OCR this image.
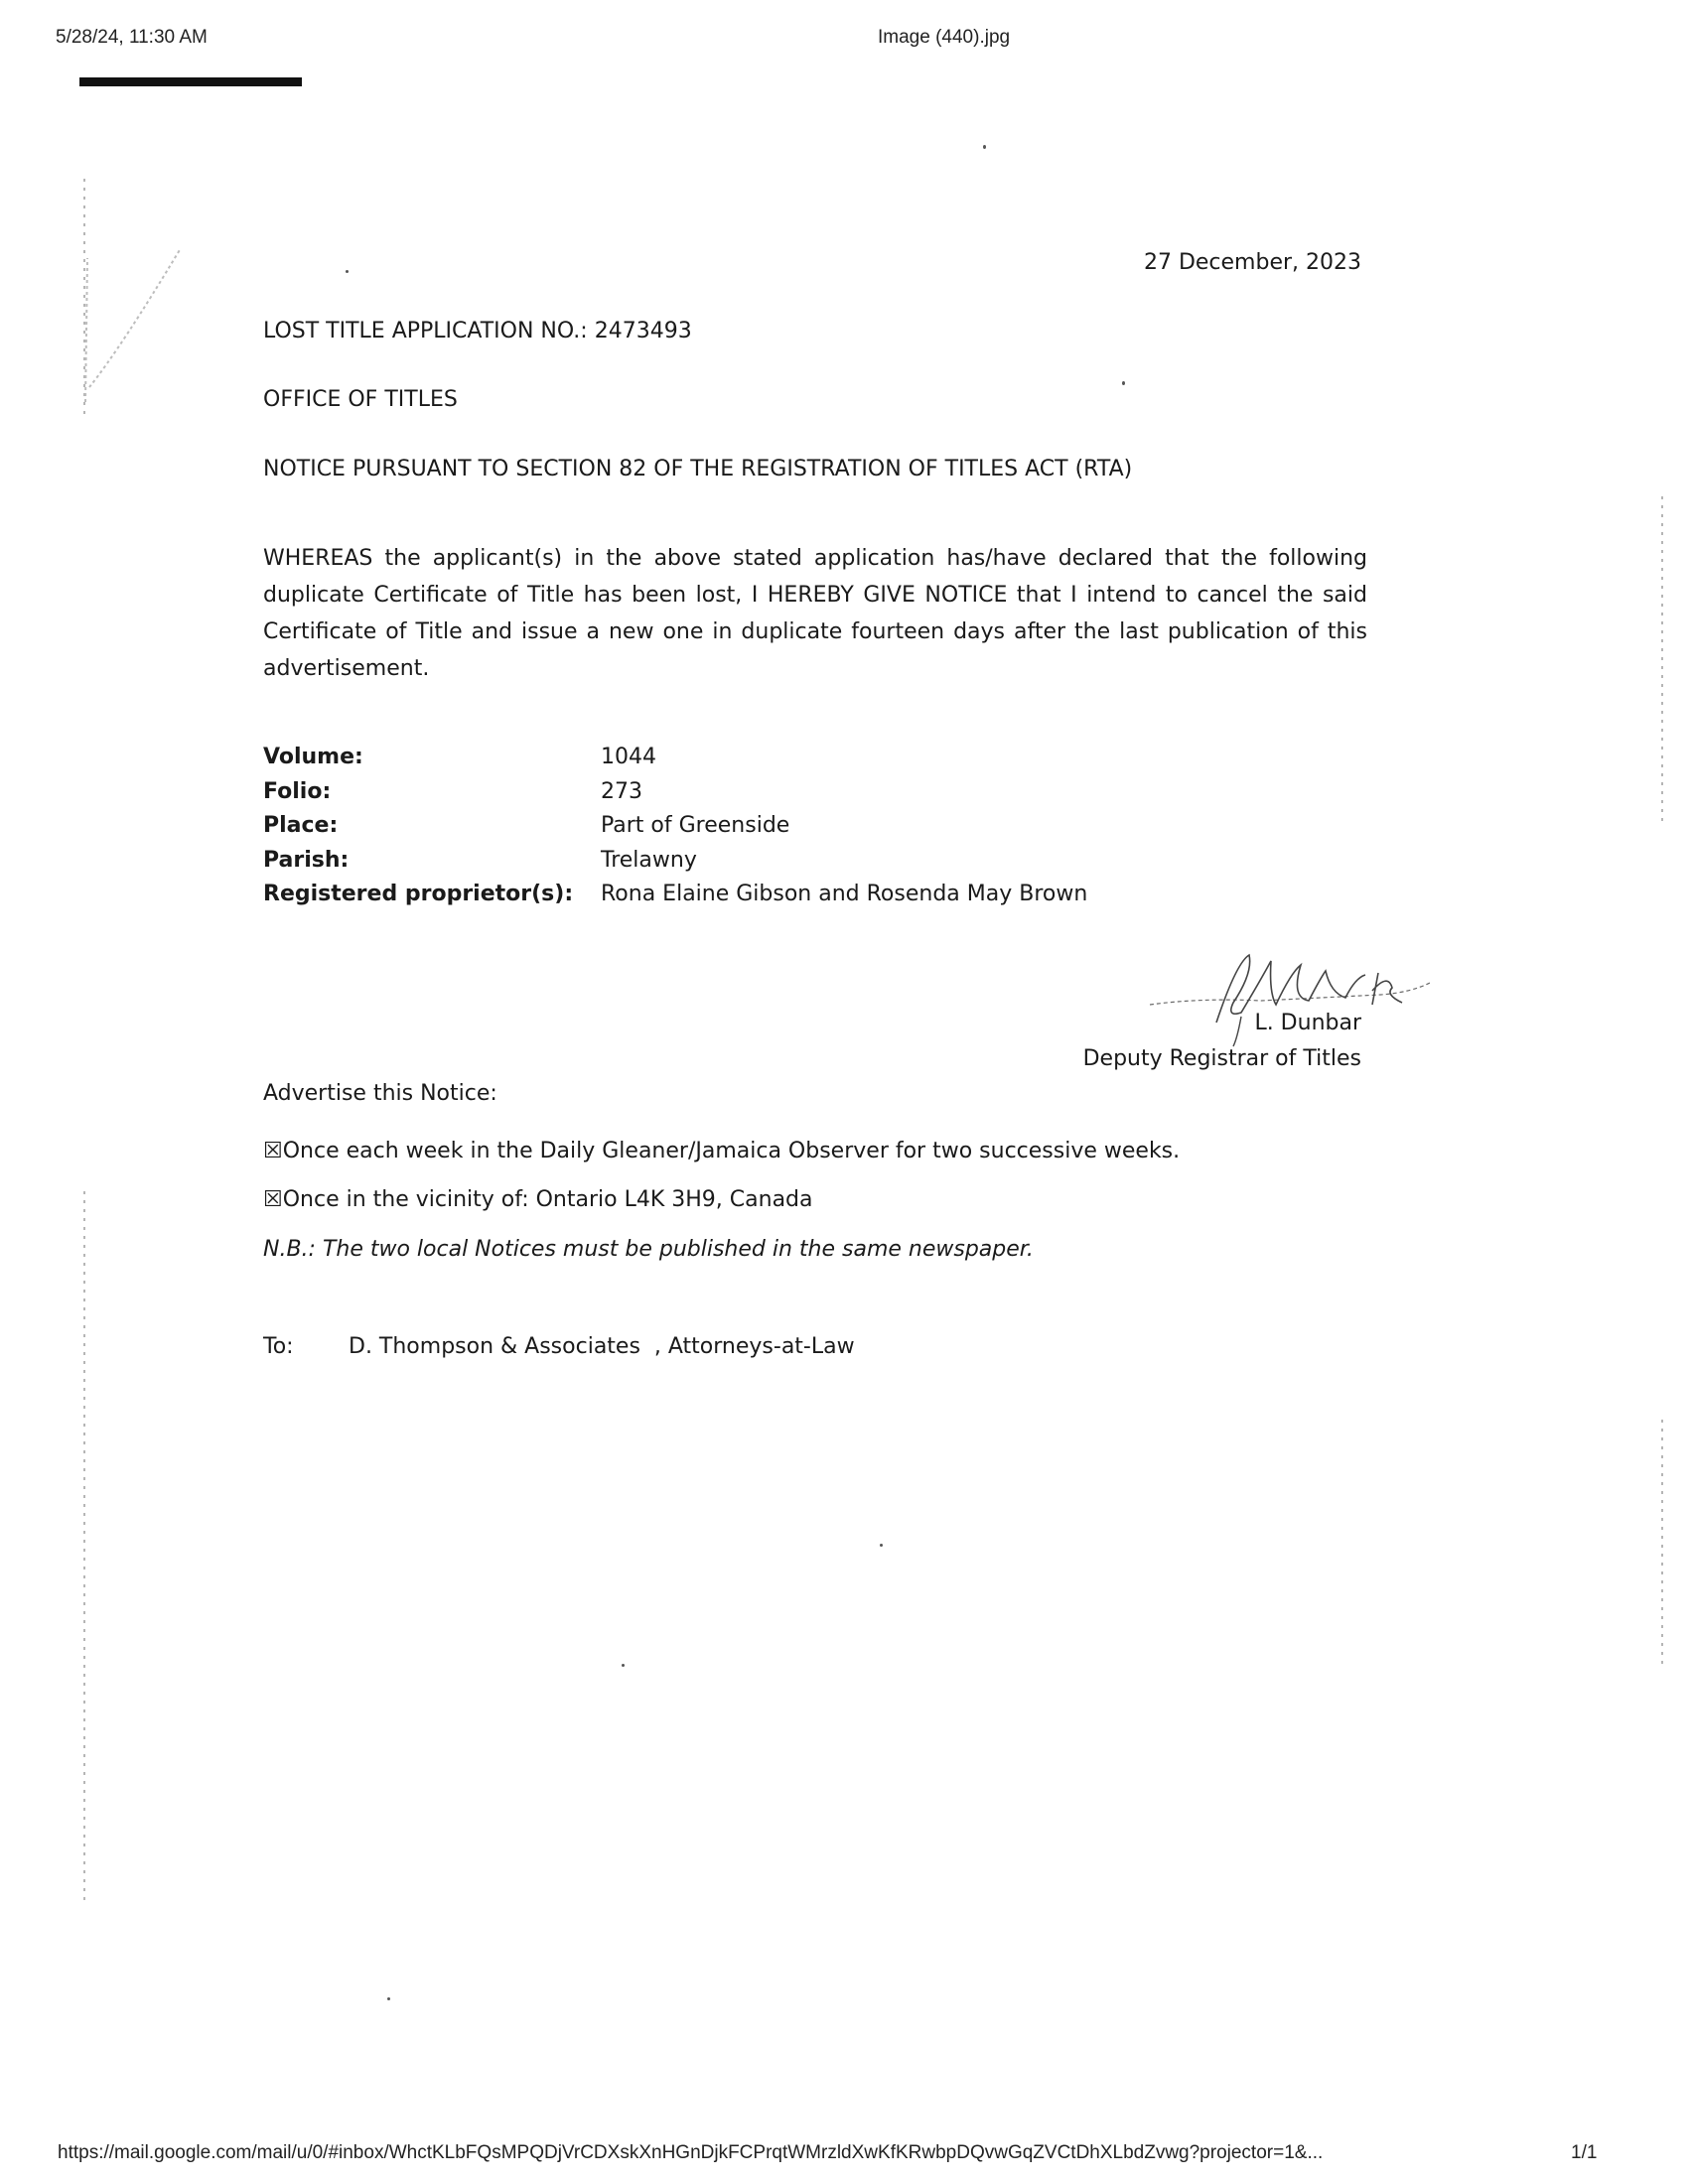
5/28/24, 11:30 AM	Image (440).jpg
27 December, 2023
LOST TITLE APPLICATION NO.: 2473493
OFFICE OF TITLES
NOTICE PURSUANT TO SECTION 82 OF THE REGISTRATION OF TITLES ACT (RTA)
WHEREAS the applicant(s) in the above stated application has/have declared that the following duplicate Certificate of Title has been lost, I HEREBY GIVE NOTICE that I intend to cancel the said Certificate of Title and issue a new one in duplicate fourteen days after the last publication of this advertisement.
Volume:	1044
Folio:	273
Place:	Part of Greenside
Parish:	Trelawny
Registered proprietor(s):	Rona Elaine Gibson and Rosenda May Brown
L. Dunbar
Deputy Registrar of Titles
Advertise this Notice:
☒Once each week in the Daily Gleaner/Jamaica Observer for two successive weeks.
☒Once in the vicinity of: Ontario L4K 3H9, Canada
N.B.: The two local Notices must be published in the same newspaper.
To:	D. Thompson & Associates  , Attorneys-at-Law
https://mail.google.com/mail/u/0/#inbox/WhctKLbFQsMPQDjVrCDXskXnHGnDjkFCPrqtWMrzldXwKfKRwbpDQvwGqZVCtDhXLbdZvwg?projector=1&...	1/1
